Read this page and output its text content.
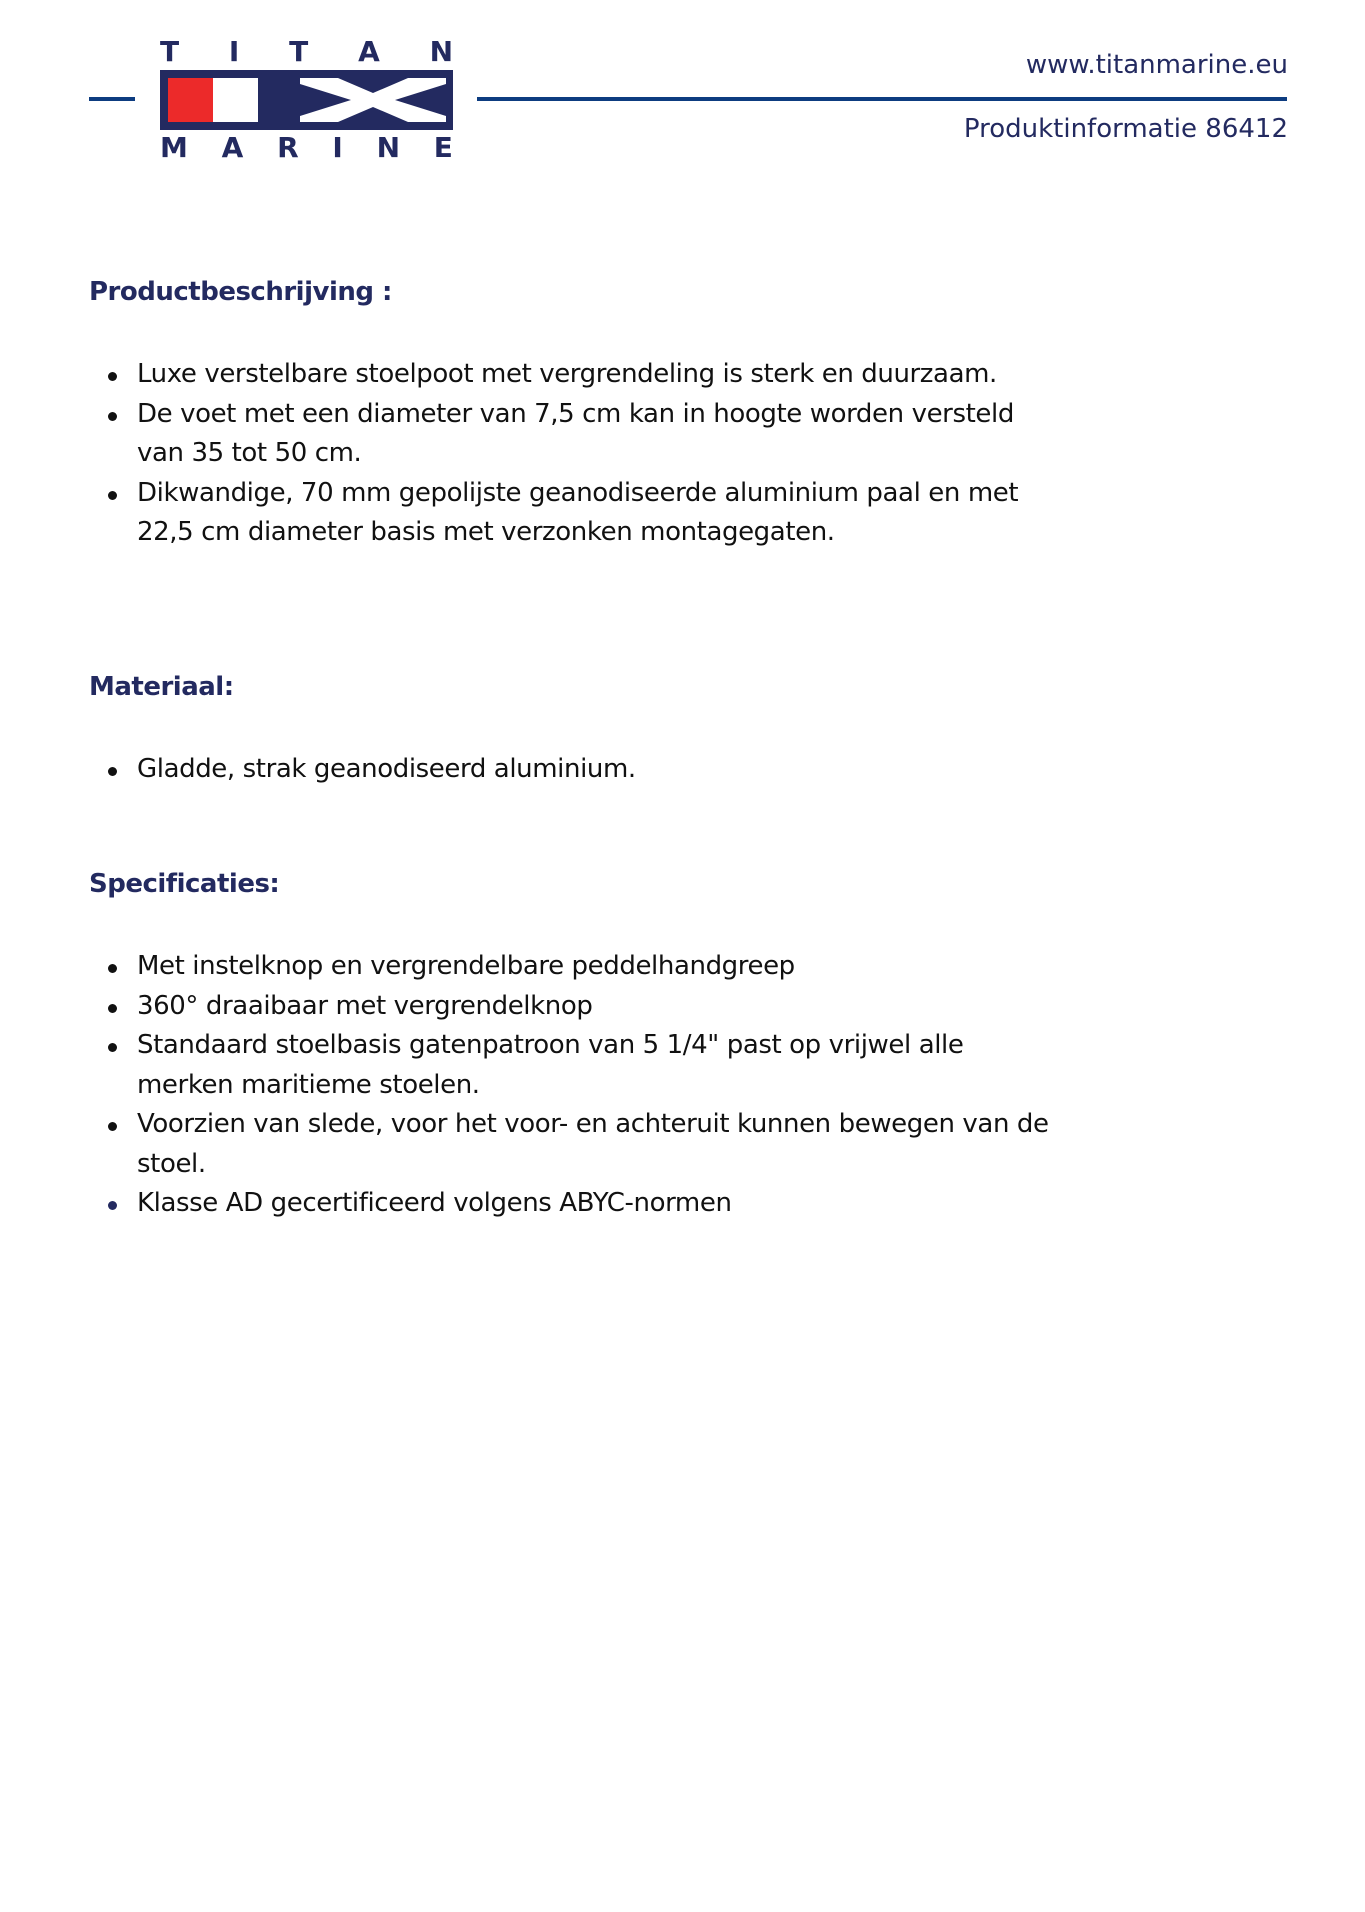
T I T A N
M A R I N E
www.titanmarine.eu
Produktinformatie 86412
Productbeschrijving :
Luxe verstelbare stoelpoot met vergrendeling is sterk en duurzaam.
De voet met een diameter van 7,5 cm kan in hoogte worden versteld van 35 tot 50 cm.
Dikwandige, 70 mm gepolijste geanodiseerde aluminium paal en met 22,5 cm diameter basis met verzonken montagegaten.
Materiaal:
Gladde, strak geanodiseerd aluminium.
Specificaties:
Met instelknop en vergrendelbare peddelhandgreep
360° draaibaar met vergrendelknop
Standaard stoelbasis gatenpatroon van 5 1/4" past op vrijwel alle merken maritieme stoelen.
Voorzien van slede, voor het voor- en achteruit kunnen bewegen van de stoel.
Klasse AD gecertificeerd volgens ABYC-normen
